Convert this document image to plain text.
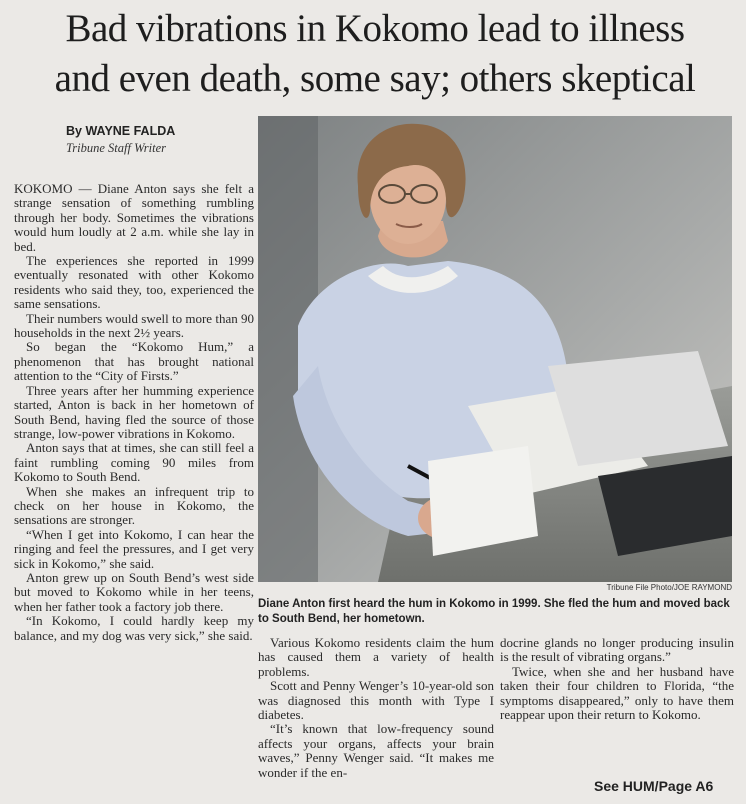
Bad vibrations in Kokomo lead to illness
and even death, some say; others skeptical
By WAYNE FALDA
Tribune Staff Writer

KOKOMO — Diane Anton says she felt a strange sensation of something rumbling through her body. Sometimes the vibrations would hum loudly at 2 a.m. while she lay in bed.

The experiences she reported in 1999 eventually resonated with other Kokomo residents who said they, too, experienced the same sensations.

Their numbers would swell to more than 90 households in the next 2½ years.

So began the “Kokomo Hum,” a phenomenon that has brought national attention to the “City of Firsts.”

Three years after her humming experience started, Anton is back in her hometown of South Bend, having fled the source of those strange, low-power vibrations in Kokomo.

Anton says that at times, she can still feel a faint rumbling coming 90 miles from Kokomo to South Bend.

When she makes an infrequent trip to check on her house in Kokomo, the sensations are stronger.

“When I get into Kokomo, I can hear the ringing and feel the pressures, and I get very sick in Kokomo,” she said.

Anton grew up on South Bend’s west side but moved to Kokomo while in her teens, when her father took a factory job there.

“In Kokomo, I could hardly keep my balance, and my dog was very sick,” she said.

Tribune File Photo/JOE RAYMOND
Diane Anton first heard the hum in Kokomo in 1999. She fled the hum and moved back to South Bend, her hometown.

Various Kokomo residents claim the hum has caused them a variety of health problems.

Scott and Penny Wenger’s 10-year-old son was diagnosed this month with Type I diabetes.

“It’s known that low-frequency sound affects your organs, affects your brain waves,” Penny Wenger said. “It makes me wonder if the en-

docrine glands no longer producing insulin is the result of vibrating organs.”

Twice, when she and her husband have taken their four children to Florida, “the symptoms disappeared,” only to have them reappear upon their return to Kokomo.

See HUM/Page A6
